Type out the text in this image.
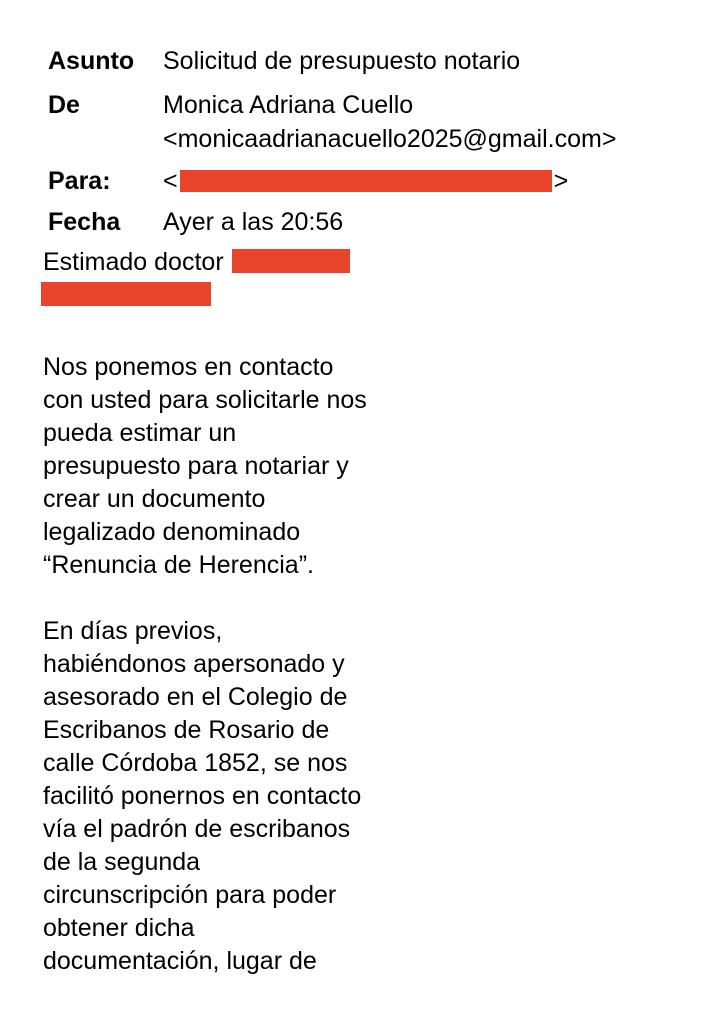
Asunto	Solicitud de presupuesto notario
De	Monica Adriana Cuello
<monicaadrianacuello2025@gmail.com>
Para:	<	>
Fecha	Ayer a las 20:56
Estimado doctor

Nos ponemos en contacto
con usted para solicitarle nos
pueda estimar un
presupuesto para notariar y
crear un documento
legalizado denominado
“Renuncia de Herencia”.

En días previos,
habiéndonos apersonado y
asesorado en el Colegio de
Escribanos de Rosario de
calle Córdoba 1852, se nos
facilitó ponernos en contacto
vía el padrón de escribanos
de la segunda
circunscripción para poder
obtener dicha
documentación, lugar de
